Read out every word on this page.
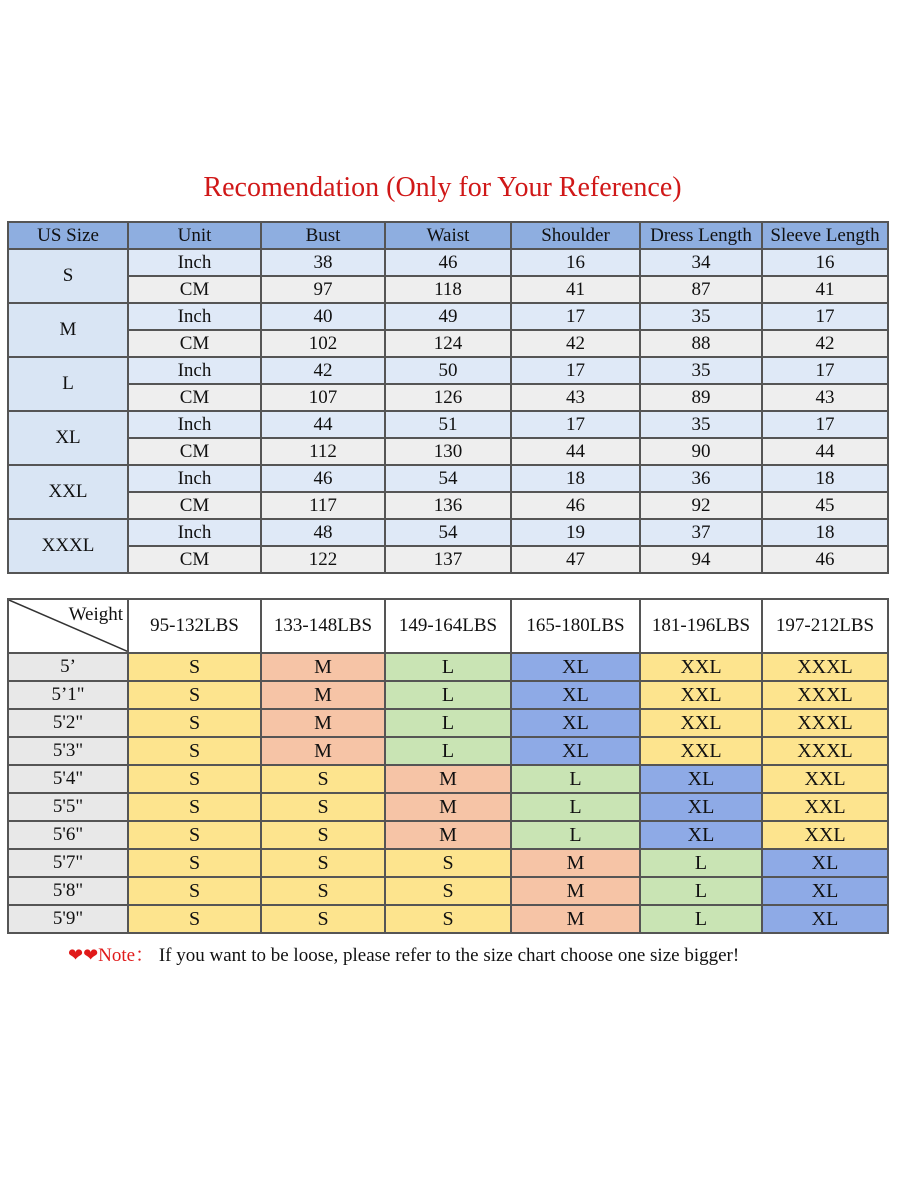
Recomendation (Only for Your Reference)
US Size	Unit	Bust	Waist	Shoulder	Dress Length	Sleeve Length
S	Inch	38	46	16	34	16
	CM	97	118	41	87	41
M	Inch	40	49	17	35	17
	CM	102	124	42	88	42
L	Inch	42	50	17	35	17
	CM	107	126	43	89	43
XL	Inch	44	51	17	35	17
	CM	112	130	44	90	44
XXL	Inch	46	54	18	36	18
	CM	117	136	46	92	45
XXXL	Inch	48	54	19	37	18
	CM	122	137	47	94	46
Weight	95-132LBS	133-148LBS	149-164LBS	165-180LBS	181-196LBS	197-212LBS
5’	S	M	L	XL	XXL	XXXL
5’1"	S	M	L	XL	XXL	XXXL
5'2"	S	M	L	XL	XXL	XXXL
5'3"	S	M	L	XL	XXL	XXXL
5'4"	S	S	M	L	XL	XXL
5'5"	S	S	M	L	XL	XXL
5'6"	S	S	M	L	XL	XXL
5'7"	S	S	S	M	L	XL
5'8"	S	S	S	M	L	XL
5'9"	S	S	S	M	L	XL
❤❤Note： If you want to be loose, please refer to the size chart choose one size bigger!
